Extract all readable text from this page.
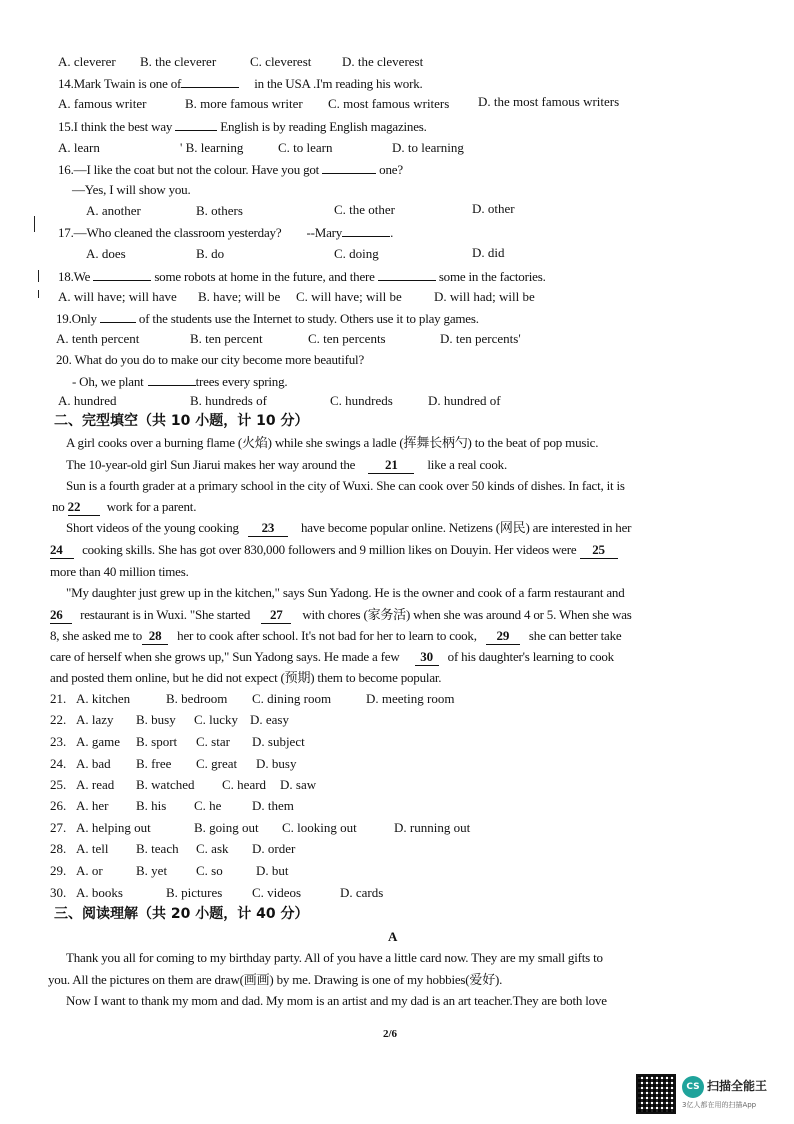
A. cleverer B. the cleverer	C. cleverest D. the cleverest
14.Mark Twain is one of	in the USA .I'm reading his work.
A. famous writer	B. more famous writer C. most famous writers D. the most famous writers
15.I think the best way	English is by reading English magazines.
A. learn	' B. learning	C. to learn	D. to learning
16.—I like the coat but not the colour. Have you got	one?
—Yes, I will show you.
A. another	B. others	C. the other	D. other
17.—Who cleaned the classroom yesterday? --Mary	.
A. does	B. do	C. doing	D. did
18.We	some robots at home in the future, and there	some in the factories.
A. will have; will have B. have; will be C. will have; will be D. will had; will be
19.Only	of the students use the Internet to study. Others use it to play games.
A. tenth percent	B. ten percent	C. ten percents	D. ten percents'
20. What do you do to make our city become more beautiful?
- Oh, we plant	trees every spring.
A. hundred	B. hundreds of	C. hundreds	D. hundred of
二、完型填空（共 10 小题，计 10 分）
A girl cooks over a burning flame (火焰) while she swings a ladle (挥舞长柄勺) to the beat of pop music.
The 10-year-old girl Sun Jiarui makes her way around the 21 like a real cook.
Sun is a fourth grader at a primary school in the city of Wuxi. She can cook over 50 kinds of dishes. In fact, it is
no 22 work for a parent.
Short videos of the young cooking 23 have become popular online. Netizens (网民) are interested in her
24 cooking skills. She has got over 830,000 followers and 9 million likes on Douyin. Her videos were 25
more than 40 million times.
"My daughter just grew up in the kitchen," says Sun Yadong. He is the owner and cook of a farm restaurant and
26 restaurant is in Wuxi. "She started 27 with chores (家务活) when she was around 4 or 5. When she was
8, she asked me to 28 her to cook after school. It's not bad for her to learn to cook, 29 she can better take
care of herself when she grows up," Sun Yadong says. He made a few 30 of his daughter's learning to cook
and posted them online, but he did not expect (预期) them to become popular.
21. A. kitchen	B. bedroom C. dining room	D. meeting room
22. A. lazy B. busy C. lucky D. easy
23. A. game B. sport C. star D. subject
24. A. bad B. free C. great D. busy
25. A. read B. watched C. heard D. saw
26. A. her B. his C. he D. them
27. A. helping out	B. going out C. looking out	D. running out
28. A. tell B. teach C. ask D. order
29. A. or	B. yet C. so	D. but
30. A. books	B. pictures C. videos	D. cards
三、阅读理解（共 20 小题，计 40 分）
A
Thank you all for coming to my birthday party. All of you have a little card now. They are my small gifts to
you. All the pictures on them are draw(画画) by me. Drawing is one of my hobbies(爱好).
Now I want to thank my mom and dad. My mom is an artist and my dad is an art teacher.They are both love
2/6
CS 扫描全能王
3亿人都在用的扫描App
